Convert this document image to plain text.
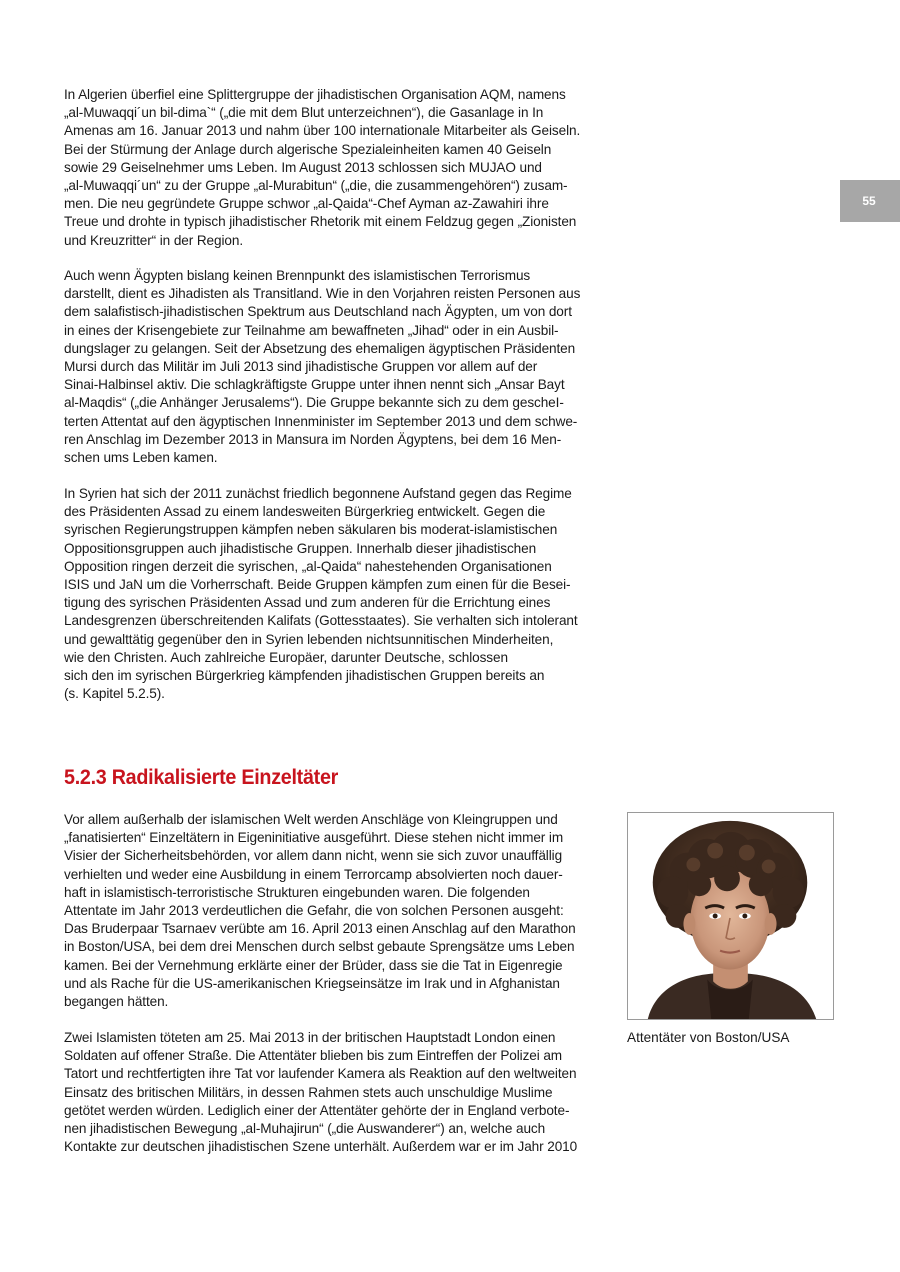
55
In Algerien überfiel eine Splittergruppe der jihadistischen Organisation AQM, namens
„al-Muwaqqi´un bil-dima`“ („die mit dem Blut unterzeichnen“), die Gasanlage in In
Amenas am 16. Januar 2013 und nahm über 100 internationale Mitarbeiter als Geiseln.
Bei der Stürmung der Anlage durch algerische Spezialeinheiten kamen 40 Geiseln
sowie 29 Geiselnehmer ums Leben. Im August 2013 schlossen sich MUJAO und
„al-Muwaqqi´un“ zu der Gruppe „al-Murabitun“ („die, die zusammengehören“) zusam-
men. Die neu gegründete Gruppe schwor „al-Qaida“-Chef Ayman az-Zawahiri ihre
Treue und drohte in typisch jihadistischer Rhetorik mit einem Feldzug gegen „Zionisten
und Kreuzritter“ in der Region.
Auch wenn Ägypten bislang keinen Brennpunkt des islamistischen Terrorismus
darstellt, dient es Jihadisten als Transitland. Wie in den Vorjahren reisten Personen aus
dem salafistisch-jihadistischen Spektrum aus Deutschland nach Ägypten, um von dort
in eines der Krisengebiete zur Teilnahme am bewaffneten „Jihad“ oder in ein Ausbil-
dungslager zu gelangen. Seit der Absetzung des ehemaligen ägyptischen Präsidenten
Mursi durch das Militär im Juli 2013 sind jihadistische Gruppen vor allem auf der
Sinai-Halbinsel aktiv. Die schlagkräftigste Gruppe unter ihnen nennt sich „Ansar Bayt
al-Maqdis“ („die Anhänger Jerusalems“). Die Gruppe bekannte sich zu dem gescheI-
terten Attentat auf den ägyptischen Innenminister im September 2013 und dem schwe-
ren Anschlag im Dezember 2013 in Mansura im Norden Ägyptens, bei dem 16 Men-
schen ums Leben kamen.
In Syrien hat sich der 2011 zunächst friedlich begonnene Aufstand gegen das Regime
des Präsidenten Assad zu einem landesweiten Bürgerkrieg entwickelt. Gegen die
syrischen Regierungstruppen kämpfen neben säkularen bis moderat-islamistischen
Oppositionsgruppen auch jihadistische Gruppen. Innerhalb dieser jihadistischen
Opposition ringen derzeit die syrischen, „al-Qaida“ nahestehenden Organisationen
ISIS und JaN um die Vorherrschaft. Beide Gruppen kämpfen zum einen für die Besei-
tigung des syrischen Präsidenten Assad und zum anderen für die Errichtung eines
Landesgrenzen überschreitenden Kalifats (Gottesstaates). Sie verhalten sich intolerant
und gewalttätig gegenüber den in Syrien lebenden nichtsunnitischen Minderheiten,
wie den Christen. Auch zahlreiche Europäer, darunter Deutsche, schlossen
sich den im syrischen Bürgerkrieg kämpfenden jihadistischen Gruppen bereits an
(s. Kapitel 5.2.5).
5.2.3 Radikalisierte Einzeltäter
Vor allem außerhalb der islamischen Welt werden Anschläge von Kleingruppen und
„fanatisierten“ Einzeltätern in Eigeninitiative ausgeführt. Diese stehen nicht immer im
Visier der Sicherheitsbehörden, vor allem dann nicht, wenn sie sich zuvor unauffällig
verhielten und weder eine Ausbildung in einem Terrorcamp absolvierten noch dauer-
haft in islamistisch-terroristische Strukturen eingebunden waren. Die folgenden
Attentate im Jahr 2013 verdeutlichen die Gefahr, die von solchen Personen ausgeht:
Das Bruderpaar Tsarnaev verübte am 16. April 2013 einen Anschlag auf den Marathon
in Boston/USA, bei dem drei Menschen durch selbst gebaute Sprengsätze ums Leben
kamen. Bei der Vernehmung erklärte einer der Brüder, dass sie die Tat in Eigenregie
und als Rache für die US-amerikanischen Kriegseinsätze im Irak und in Afghanistan
begangen hätten.
Zwei Islamisten töteten am 25. Mai 2013 in der britischen Hauptstadt London einen
Soldaten auf offener Straße. Die Attentäter blieben bis zum Eintreffen der Polizei am
Tatort und rechtfertigten ihre Tat vor laufender Kamera als Reaktion auf den weltweiten
Einsatz des britischen Militärs, in dessen Rahmen stets auch unschuldige Muslime
getötet werden würden. Lediglich einer der Attentäter gehörte der in England verbote-
nen jihadistischen Bewegung „al-Muhajirun“ („die Auswanderer“) an, welche auch
Kontakte zur deutschen jihadistischen Szene unterhält. Außerdem war er im Jahr 2010
Attentäter von Boston/USA
